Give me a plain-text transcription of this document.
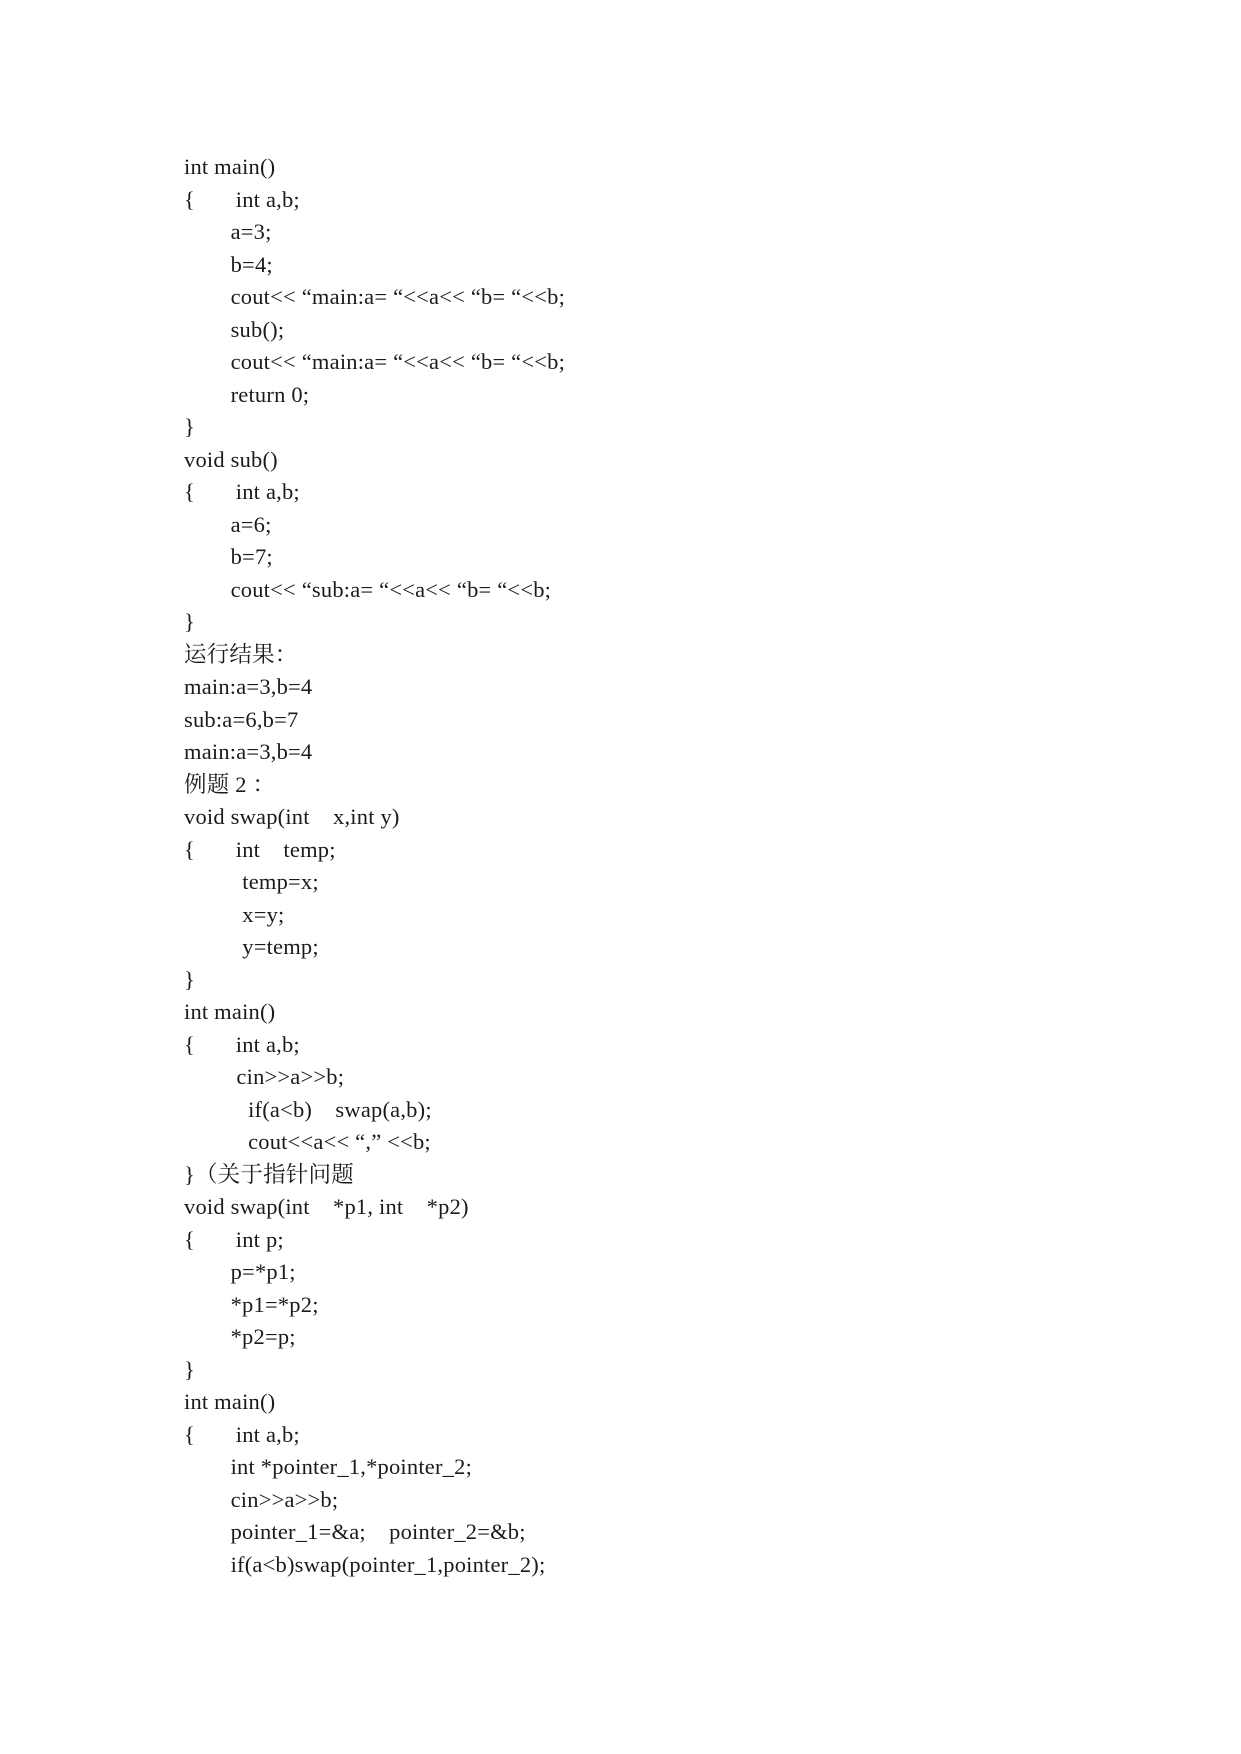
int main()
{       int a,b;
a=3;
b=4;
cout<< “main:a= “<<a<< “b= “<<b;
sub();
cout<< “main:a= “<<a<< “b= “<<b;
return 0;
}
void sub()
{       int a,b;
a=6;
b=7;
cout<< “sub:a= “<<a<< “b= “<<b;
}
运行结果：
main:a=3,b=4
sub:a=6,b=7
main:a=3,b=4
例题 2 ：
void swap(int    x,int y)
{       int    temp;
temp=x;
x=y;
y=temp;
}
int main()
{       int a,b;
cin>>a>>b;
if(a<b)    swap(a,b);
cout<<a<< “,” <<b;
}（关于指针问题
void swap(int    *p1, int    *p2)
{       int p;
p=*p1;
*p1=*p2;
*p2=p;
}
int main()
{       int a,b;
int *pointer_1,*pointer_2;
cin>>a>>b;
pointer_1=&a;    pointer_2=&b;
if(a<b)swap(pointer_1,pointer_2);
